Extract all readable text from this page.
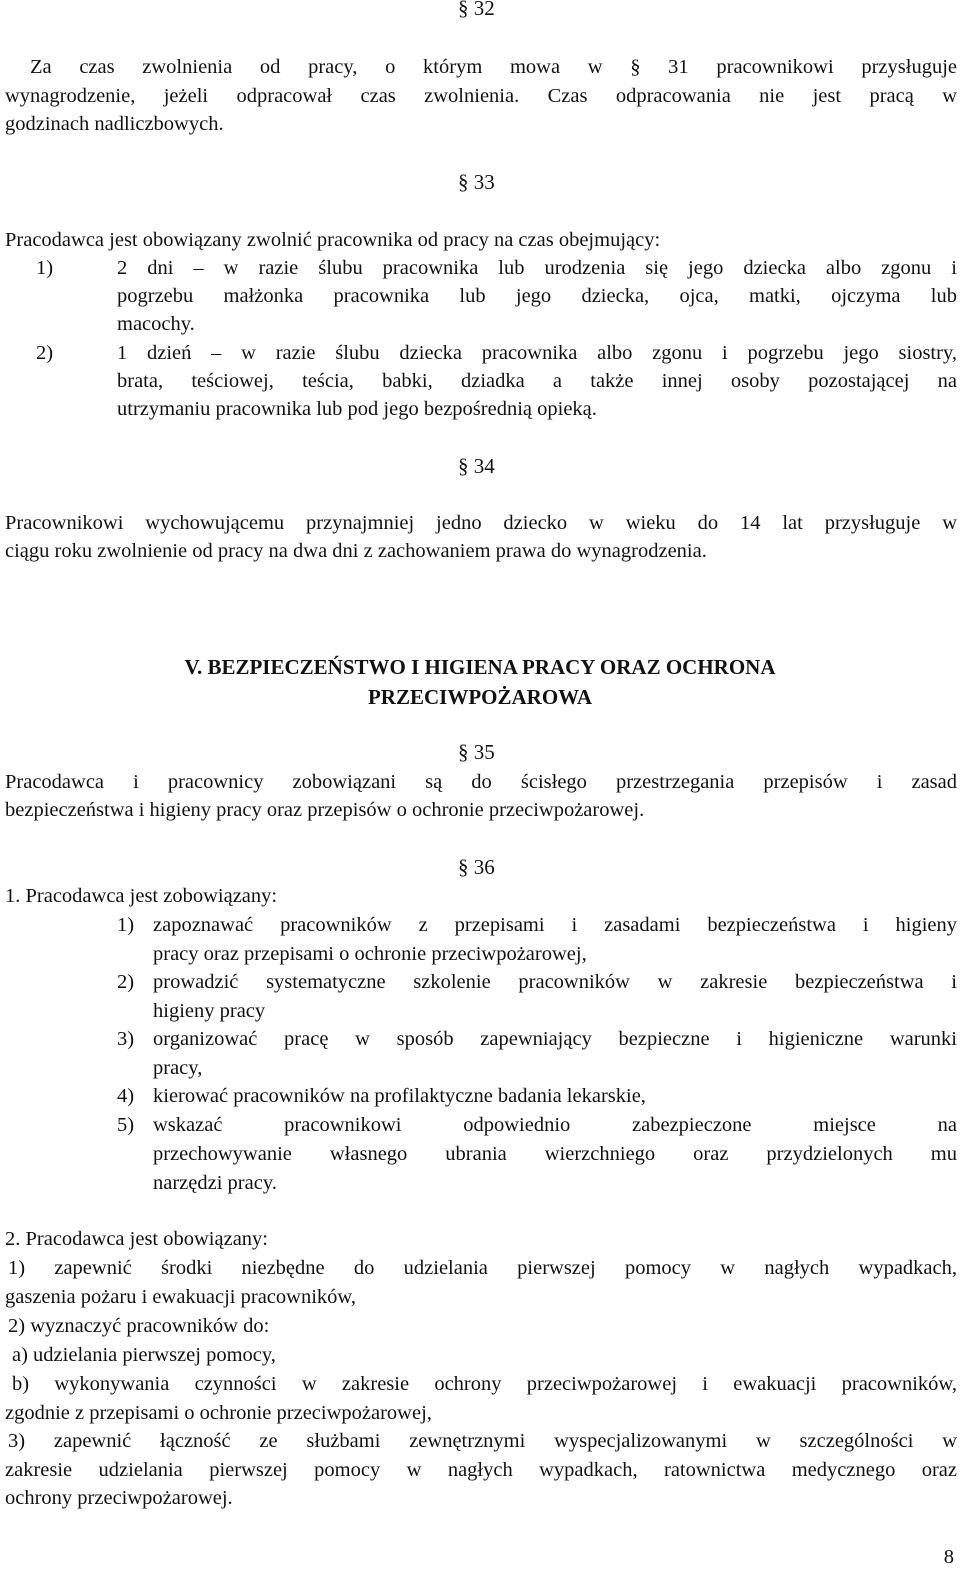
§ 32
Za czas zwolnienia od pracy, o którym mowa w § 31 pracownikowi przysługuje
wynagrodzenie, jeżeli odpracował czas zwolnienia. Czas odpracowania nie jest pracą w
godzinach nadliczbowych.
§ 33
Pracodawca jest obowiązany zwolnić pracownika od pracy na czas obejmujący:
1)	2 dni – w razie ślubu pracownika lub urodzenia się jego dziecka albo zgonu i
pogrzebu małżonka pracownika lub jego dziecka, ojca, matki, ojczyma lub
macochy.
2)	1 dzień – w razie ślubu dziecka pracownika albo zgonu i pogrzebu jego siostry,
brata, teściowej, teścia, babki, dziadka a także innej osoby pozostającej na
utrzymaniu pracownika lub pod jego bezpośrednią opieką.
§ 34
Pracownikowi wychowującemu przynajmniej jedno dziecko w wieku do 14 lat przysługuje w
ciągu roku zwolnienie od pracy na dwa dni z zachowaniem prawa do wynagrodzenia.
V. BEZPIECZEŃSTWO I HIGIENA PRACY ORAZ OCHRONA
PRZECIWPOŻAROWA
§ 35
Pracodawca i pracownicy zobowiązani są do ścisłego przestrzegania przepisów i zasad
bezpieczeństwa i higieny pracy oraz przepisów o ochronie przeciwpożarowej.
§ 36
1. Pracodawca jest zobowiązany:
1) zapoznawać pracowników z przepisami i zasadami bezpieczeństwa i higieny
pracy oraz przepisami o ochronie przeciwpożarowej,
2) prowadzić systematyczne szkolenie pracowników w zakresie bezpieczeństwa i
higieny pracy
3) organizować pracę w sposób zapewniający bezpieczne i higieniczne warunki
pracy,
4) kierować pracowników na profilaktyczne badania lekarskie,
5) wskazać pracownikowi odpowiednio zabezpieczone miejsce na
przechowywanie własnego ubrania wierzchniego oraz przydzielonych mu
narzędzi pracy.
2. Pracodawca jest obowiązany:
1) zapewnić środki niezbędne do udzielania pierwszej pomocy w nagłych wypadkach,
gaszenia pożaru i ewakuacji pracowników,
2) wyznaczyć pracowników do:
a) udzielania pierwszej pomocy,
b) wykonywania czynności w zakresie ochrony przeciwpożarowej i ewakuacji pracowników,
zgodnie z przepisami o ochronie przeciwpożarowej,
3) zapewnić łączność ze służbami zewnętrznymi wyspecjalizowanymi w szczególności w
zakresie udzielania pierwszej pomocy w nagłych wypadkach, ratownictwa medycznego oraz
ochrony przeciwpożarowej.
8
